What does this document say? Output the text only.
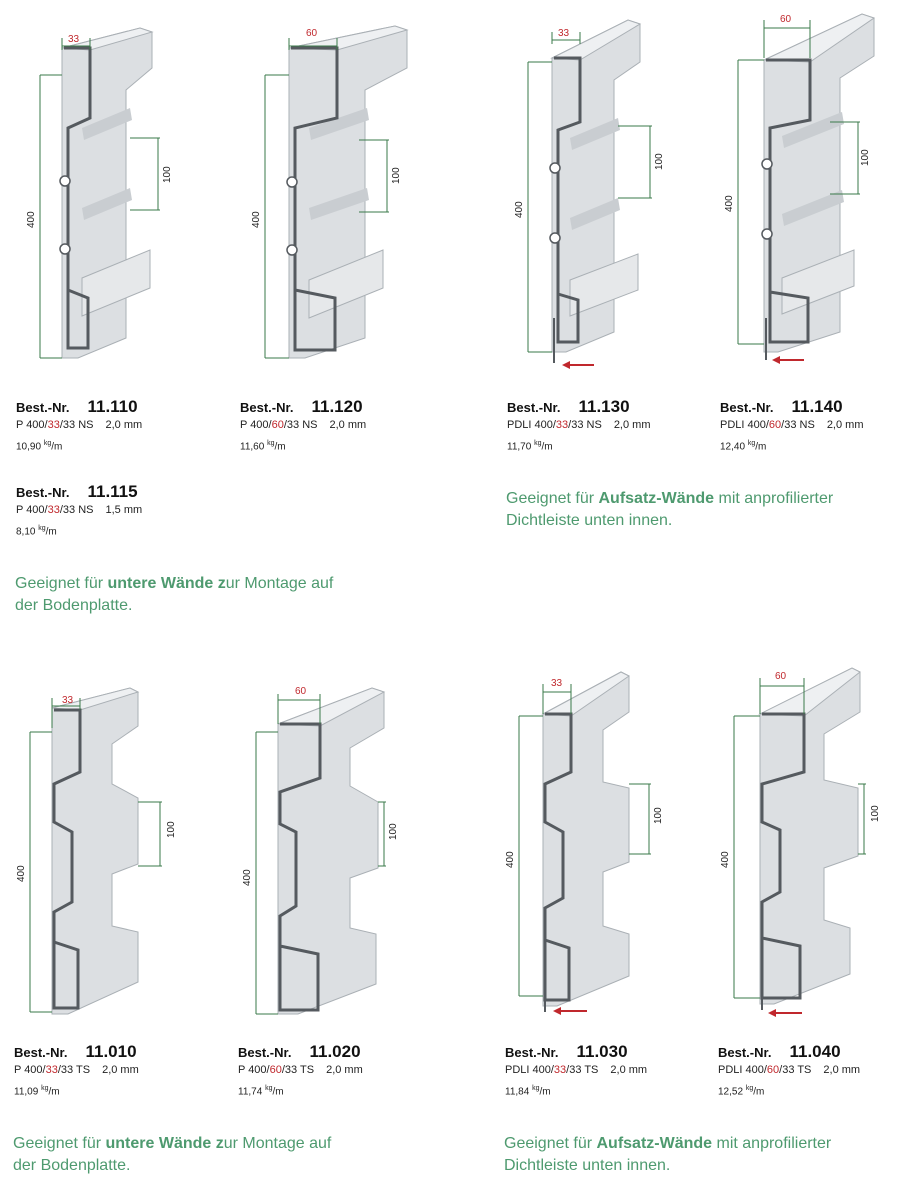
400
33
100
400
60
100
400
33
100
400
60
100
Best.-Nr. 11.110
P 400/33/33 NS 2,0 mm
10,90 $^{kg}$/m
Best.-Nr. 11.120
P 400/60/33 NS 2,0 mm
11,60 $^{kg}$/m
Best.-Nr. 11.130
PDLI 400/33/33 NS 2,0 mm
11,70 $^{kg}$/m
Best.-Nr. 11.140
PDLI 400/60/33 NS 2,0 mm
12,40 $^{kg}$/m
Best.-Nr. 11.115
P 400/33/33 NS 1,5 mm
8,10 $^{kg}$/m
Geeignet für untere Wände zur Montage auf
der Bodenplatte.
Geeignet für Aufsatz-Wände mit anprofilierter
Dichtleiste unten innen.
400
33
100
400
60
100
400
33
100
400
60
100
Best.-Nr. 11.010
P 400/33/33 TS 2,0 mm
11,09 $^{kg}$/m
Best.-Nr. 11.020
P 400/60/33 TS 2,0 mm
11,74 $^{kg}$/m
Best.-Nr. 11.030
PDLI 400/33/33 TS 2,0 mm
11,84 $^{kg}$/m
Best.-Nr. 11.040
PDLI 400/60/33 TS 2,0 mm
12,52 $^{kg}$/m
Geeignet für untere Wände zur Montage auf
der Bodenplatte.
Geeignet für Aufsatz-Wände mit anprofilierter
Dichtleiste unten innen.
